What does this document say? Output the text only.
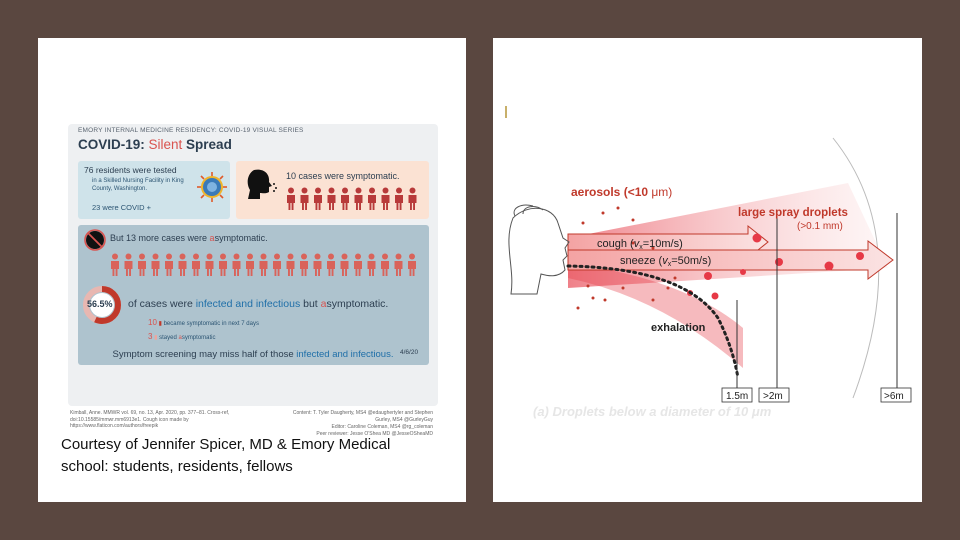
EMORY INTERNAL MEDICINE RESIDENCY: COVID-19 VISUAL SERIES
COVID-19: Silent Spread
76 residents were tested
in a Skilled Nursing Facility in King County, Washington.
23 were COVID +
10 cases were symptomatic.
But 13 more cases were asymptomatic.
56.5% of cases were infected and infectious but asymptomatic.
10 ▮ became symptomatic in next 7 days
3 ▮ stayed asymptomatic
4/6/20
Symptom screening may miss half of those infected and infectious.
Kimball, Anne. MMWR vol. 69, no. 13, Apr. 2020, pp. 377–81. Cross-ref, doi:10.15585/mmwr.mm6913e1. Cough icon made by https://www.flaticon.com/authors/freepik
Content: T. Tyler Daugherty, MS4 @edaughertyler and Stephen Gurley, MS4 @GurleyGuy
Editor: Caroline Coleman, MS4 @rg_coleman
Peer reviewer: Jesse O'Shea MD @JesseOSheaMD
Courtesy of Jennifer Spicer, MD & Emory Medical school: students, residents, fellows
1.5m >2m	>6m
aerosols (<10 μm)
large spray droplets
(>0.1 mm)
cough (vx=10m/s)
sneeze (vx=50m/s)
exhalation
(a) Droplets below a diameter of 10 μm
